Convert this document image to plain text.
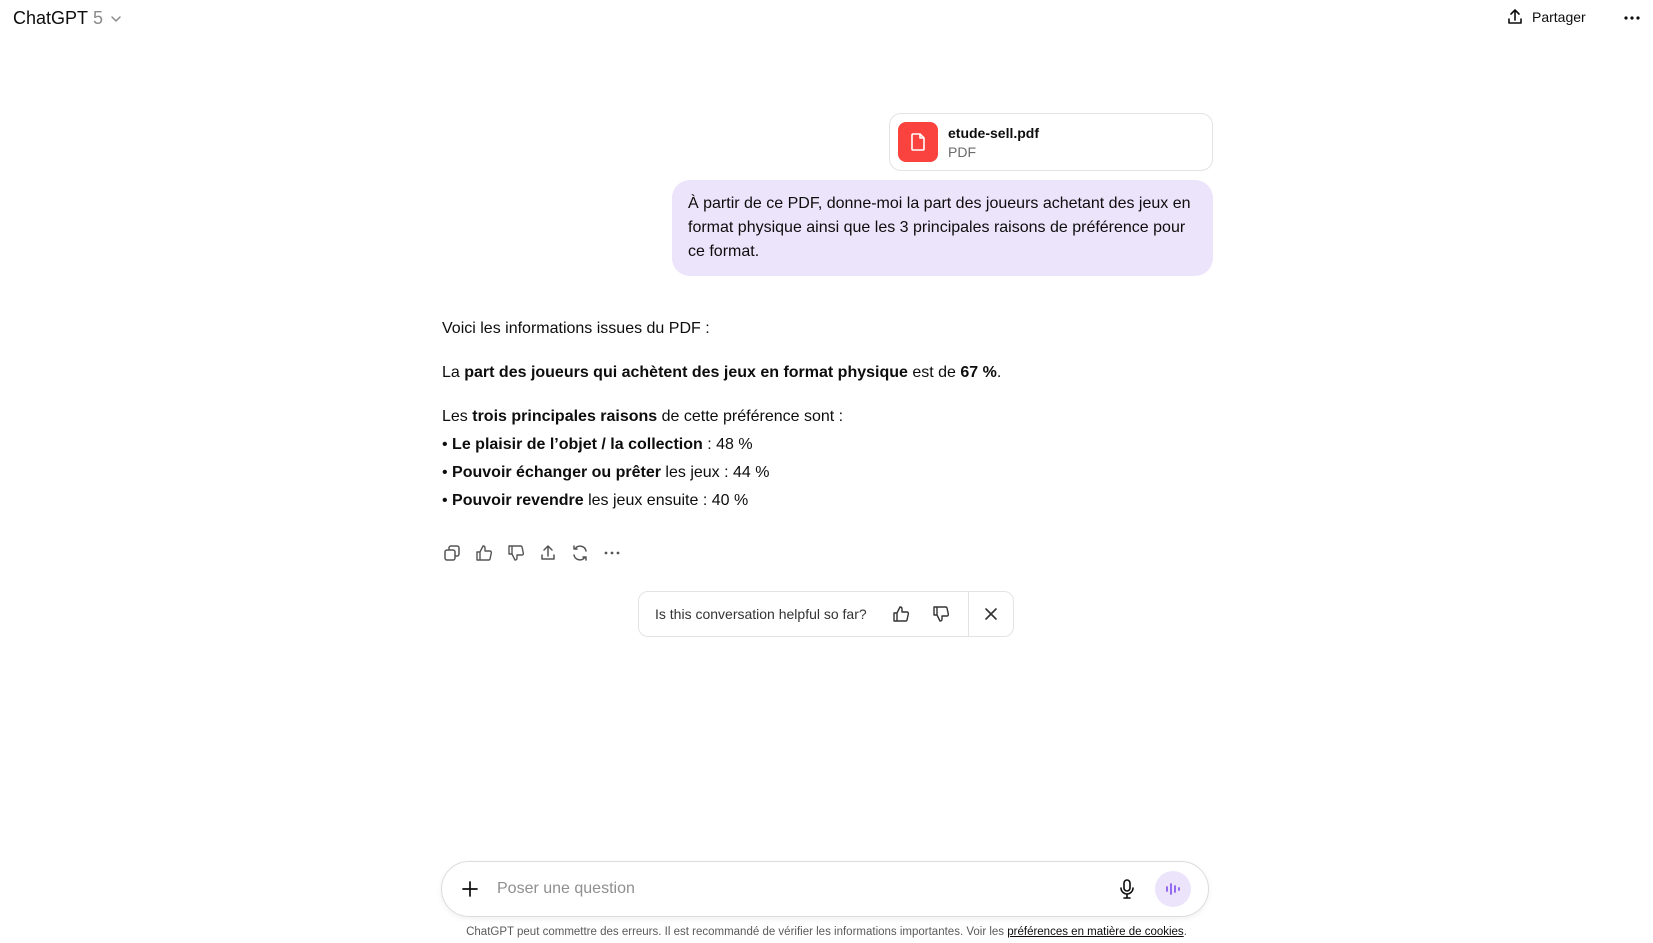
ChatGPT 5	Partager
etude-sell.pdf
PDF
À partir de ce PDF, donne-moi la part des joueurs achetant des jeux en format physique ainsi que les 3 principales raisons de préférence pour ce format.

Voici les informations issues du PDF :

La part des joueurs qui achètent des jeux en format physique est de 67 %.

Les trois principales raisons de cette préférence sont :
• Le plaisir de l’objet / la collection : 48 %
• Pouvoir échanger ou prêter les jeux : 44 %
• Pouvoir revendre les jeux ensuite : 40 %
Is this conversation helpful so far?
Poser une question
ChatGPT peut commettre des erreurs. Il est recommandé de vérifier les informations importantes. Voir les préférences en matière de cookies.
